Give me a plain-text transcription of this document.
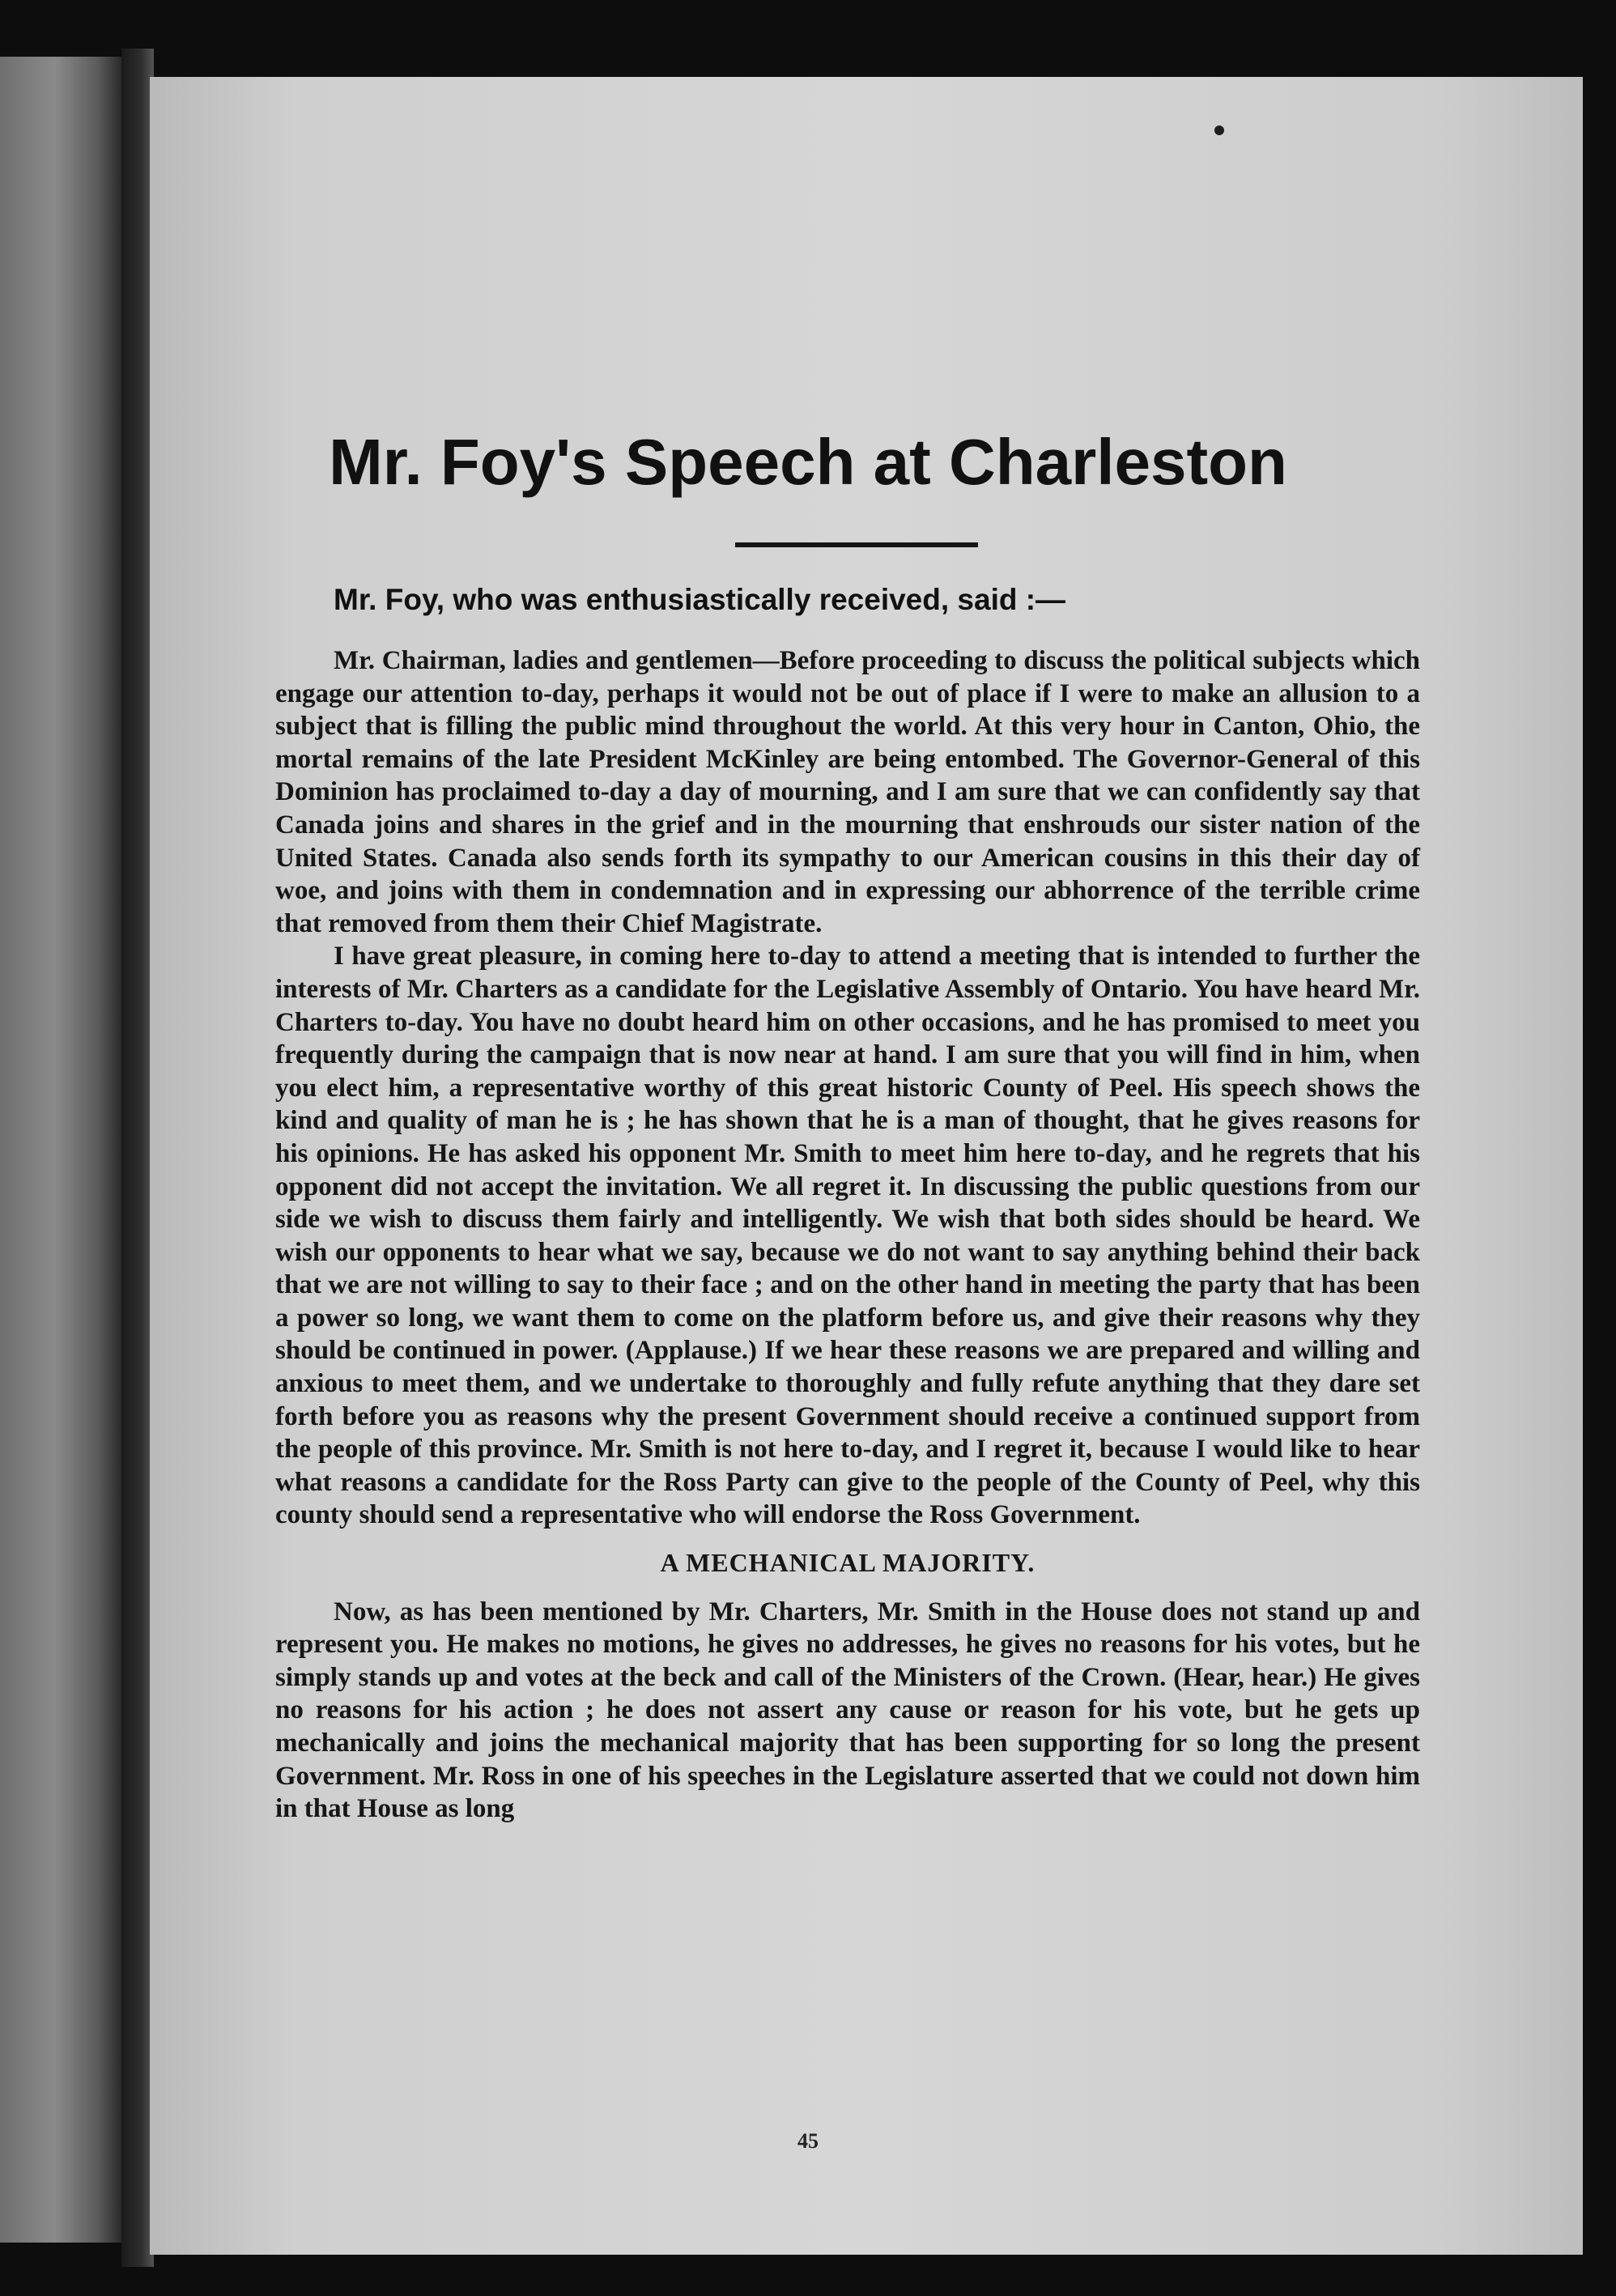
Mr. Foy's Speech at Charleston

Mr. Foy, who was enthusiastically received, said :—

Mr. Chairman, ladies and gentlemen—Before proceeding to discuss the political subjects which engage our attention to-day, perhaps it would not be out of place if I were to make an allusion to a subject that is filling the public mind throughout the world. At this very hour in Canton, Ohio, the mortal remains of the late President McKinley are being entombed. The Governor-General of this Dominion has proclaimed to-day a day of mourning, and I am sure that we can confidently say that Canada joins and shares in the grief and in the mourning that enshrouds our sister nation of the United States. Canada also sends forth its sympathy to our American cousins in this their day of woe, and joins with them in condemnation and in expressing our abhorrence of the terrible crime that removed from them their Chief Magistrate.

I have great pleasure, in coming here to-day to attend a meeting that is intended to further the interests of Mr. Charters as a candidate for the Legislative Assembly of Ontario. You have heard Mr. Charters to-day. You have no doubt heard him on other occasions, and he has promised to meet you frequently during the campaign that is now near at hand. I am sure that you will find in him, when you elect him, a representative worthy of this great historic County of Peel. His speech shows the kind and quality of man he is ; he has shown that he is a man of thought, that he gives reasons for his opinions. He has asked his opponent Mr. Smith to meet him here to-day, and he regrets that his opponent did not accept the invitation. We all regret it. In discussing the public questions from our side we wish to discuss them fairly and intelligently. We wish that both sides should be heard. We wish our opponents to hear what we say, because we do not want to say anything behind their back that we are not willing to say to their face ; and on the other hand in meeting the party that has been a power so long, we want them to come on the platform before us, and give their reasons why they should be continued in power. (Applause.) If we hear these reasons we are prepared and willing and anxious to meet them, and we undertake to thoroughly and fully refute anything that they dare set forth before you as reasons why the present Government should receive a continued support from the people of this province. Mr. Smith is not here to-day, and I regret it, because I would like to hear what reasons a candidate for the Ross Party can give to the people of the County of Peel, why this county should send a representative who will endorse the Ross Government.

A MECHANICAL MAJORITY.

Now, as has been mentioned by Mr. Charters, Mr. Smith in the House does not stand up and represent you. He makes no motions, he gives no addresses, he gives no reasons for his votes, but he simply stands up and votes at the beck and call of the Ministers of the Crown. (Hear, hear.) He gives no reasons for his action ; he does not assert any cause or reason for his vote, but he gets up mechanically and joins the mechanical majority that has been supporting for so long the present Government. Mr. Ross in one of his speeches in the Legislature asserted that we could not down him in that House as long

45
